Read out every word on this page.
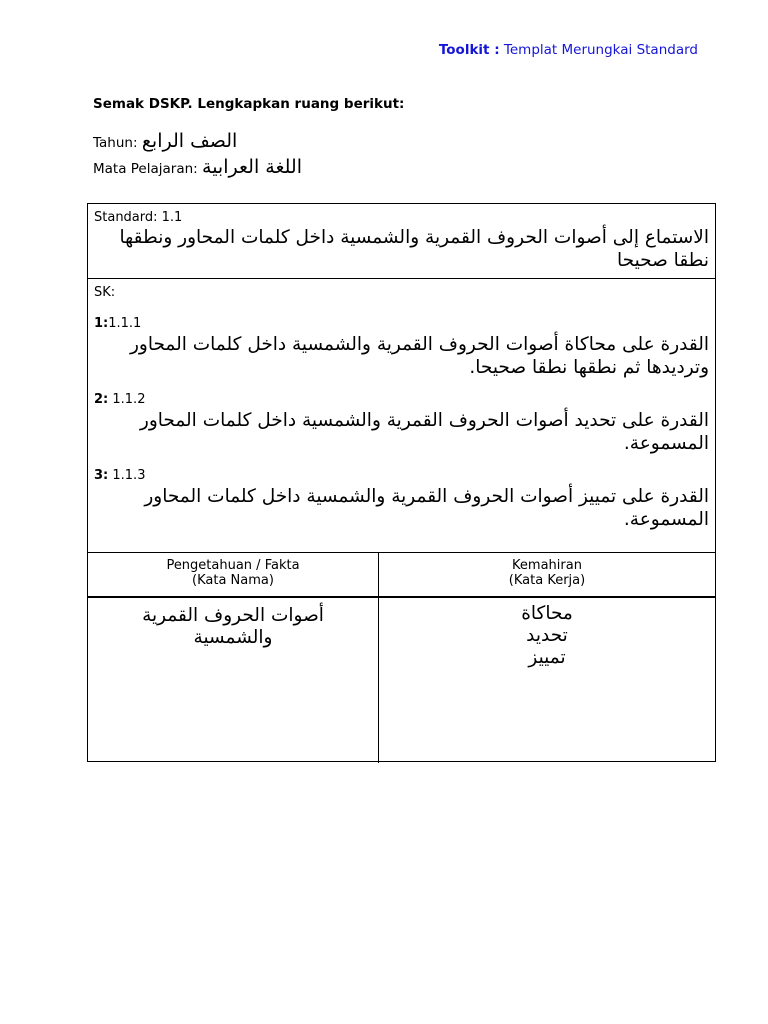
Toolkit : Templat Merungkai Standard
Semak DSKP. Lengkapkan ruang berikut:
Tahun: الصف الرابع
Mata Pelajaran: اللغة العرابية
Standard: 1.1
الاستماع إلى أصوات الحروف القمرية والشمسية داخل كلمات المحاور ونطقها نطقا صحيحا
SK:
1:1.1.1
القدرة على محاكاة أصوات الحروف القمرية والشمسية داخل كلمات المحاور وترديدها ثم نطقها نطقا صحيحا.
2: 1.1.2
القدرة على تحديد أصوات الحروف القمرية والشمسية داخل كلمات المحاور المسموعة.
3: 1.1.3
القدرة على تمييز أصوات الحروف القمرية والشمسية داخل كلمات المحاور المسموعة.
Pengetahuan / Fakta
(Kata Nama)
Kemahiran
(Kata Kerja)
أصوات الحروف القمرية والشمسية
محاكاة
تحديد
تمييز
